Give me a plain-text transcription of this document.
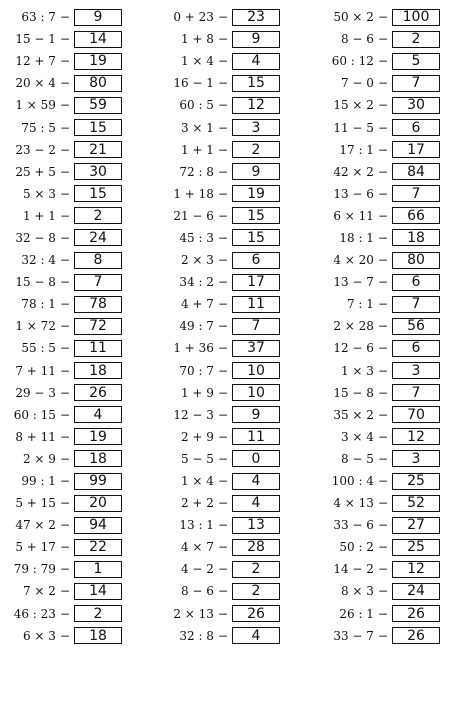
63 : 7 −	9
15 − 1 −	14
12 + 7 −	19
20 × 4 −	80
1 × 59 −	59
75 : 5 −	15
23 − 2 −	21
25 + 5 −	30
5 × 3 −	15
1 + 1 −	2
32 − 8 −	24
32 : 4 −	8
15 − 8 −	7
78 : 1 −	78
1 × 72 −	72
55 : 5 −	11
7 + 11 −	18
29 − 3 −	26
60 : 15 −	4
8 + 11 −	19
2 × 9 −	18
99 : 1 −	99
5 + 15 −	20
47 × 2 −	94
5 + 17 −	22
79 : 79 −	1
7 × 2 −	14
46 : 23 −	2
6 × 3 −	18
0 + 23 −	23
1 + 8 −	9
1 × 4 −	4
16 − 1 −	15
60 : 5 −	12
3 × 1 −	3
1 + 1 −	2
72 : 8 −	9
1 + 18 −	19
21 − 6 −	15
45 : 3 −	15
2 × 3 −	6
34 : 2 −	17
4 + 7 −	11
49 : 7 −	7
1 + 36 −	37
70 : 7 −	10
1 + 9 −	10
12 − 3 −	9
2 + 9 −	11
5 − 5 −	0
1 × 4 −	4
2 + 2 −	4
13 : 1 −	13
4 × 7 −	28
4 − 2 −	2
8 − 6 −	2
2 × 13 −	26
32 : 8 −	4
50 × 2 −	100
8 − 6 −	2
60 : 12 −	5
7 − 0 −	7
15 × 2 −	30
11 − 5 −	6
17 : 1 −	17
42 × 2 −	84
13 − 6 −	7
6 × 11 −	66
18 : 1 −	18
4 × 20 −	80
13 − 7 −	6
7 : 1 −	7
2 × 28 −	56
12 − 6 −	6
1 × 3 −	3
15 − 8 −	7
35 × 2 −	70
3 × 4 −	12
8 − 5 −	3
100 : 4 −	25
4 × 13 −	52
33 − 6 −	27
50 : 2 −	25
14 − 2 −	12
8 × 3 −	24
26 : 1 −	26
33 − 7 −	26
